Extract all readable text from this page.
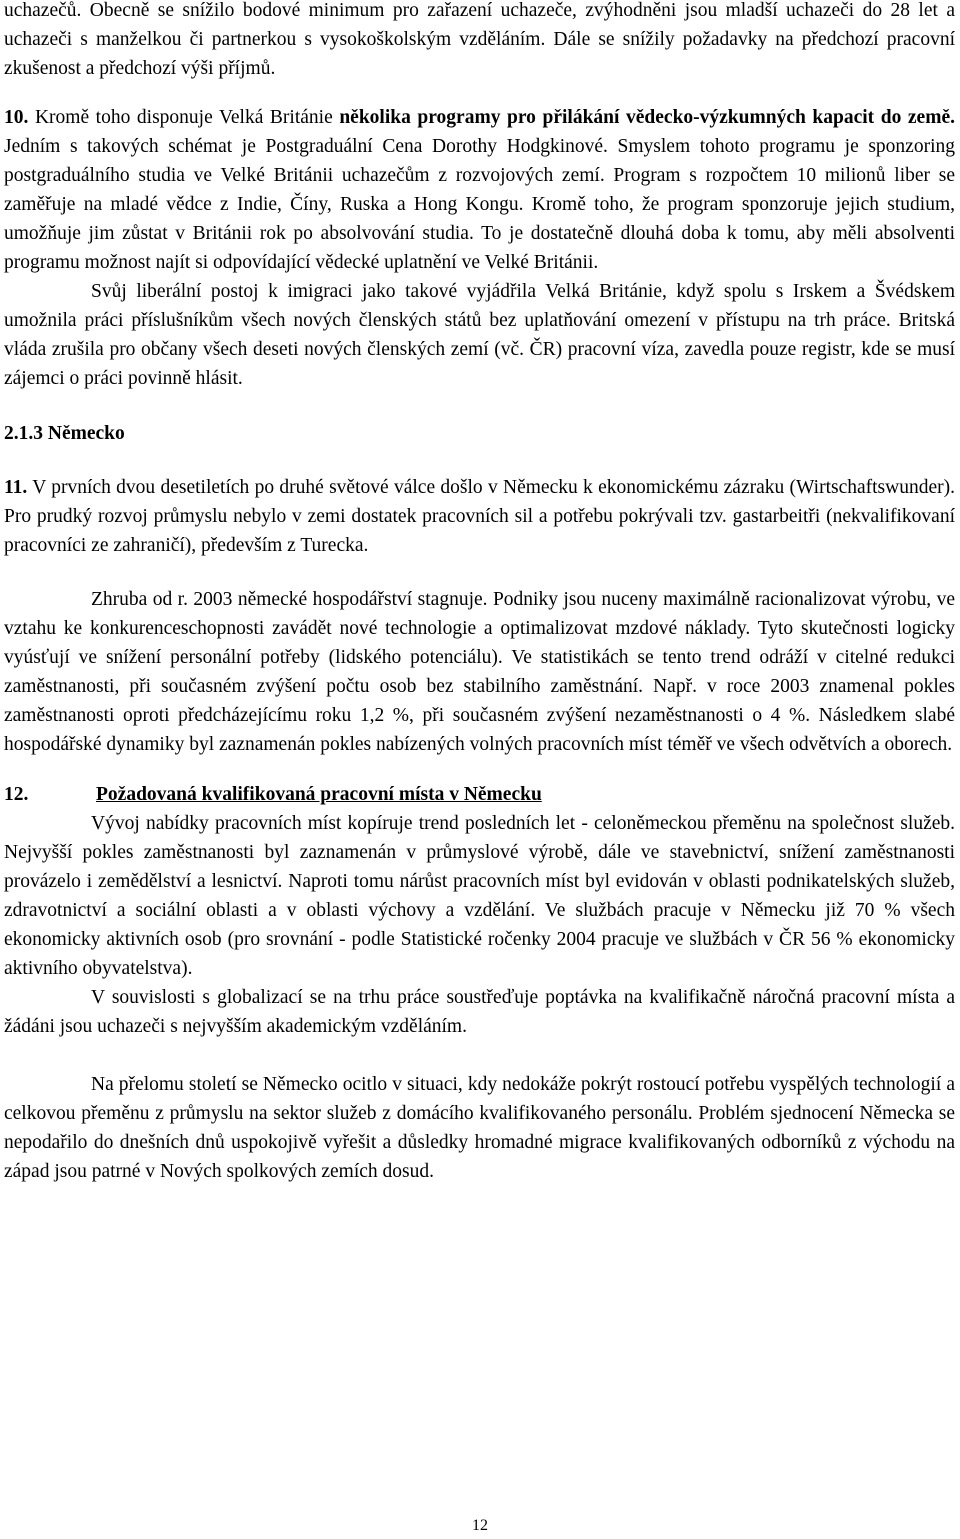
uchazečů. Obecně se snížilo bodové minimum pro zařazení uchazeče, zvýhodněni jsou mladší uchazeči do 28 let a uchazeči s manželkou či partnerkou s vysokoškolským vzděláním. Dále se snížily požadavky na předchozí pracovní zkušenost a předchozí výši příjmů.

10. Kromě toho disponuje Velká Británie několika programy pro přilákání vědecko-výzkumných kapacit do země. Jedním s takových schémat je Postgraduální Cena Dorothy Hodgkinové. Smyslem tohoto programu je sponzoring postgraduálního studia ve Velké Británii uchazečům z rozvojových zemí. Program s rozpočtem 10 milionů liber se zaměřuje na mladé vědce z Indie, Číny, Ruska a Hong Kongu. Kromě toho, že program sponzoruje jejich studium, umožňuje jim zůstat v Británii rok po absolvování studia. To je dostatečně dlouhá doba k tomu, aby měli absolventi programu možnost najít si odpovídající vědecké uplatnění ve Velké Británii.

Svůj liberální postoj k imigraci jako takové vyjádřila Velká Británie, když spolu s Irskem a Švédskem umožnila práci příslušníkům všech nových členských států bez uplatňování omezení v přístupu na trh práce. Britská vláda zrušila pro občany všech deseti nových členských zemí (vč. ČR) pracovní víza, zavedla pouze registr, kde se musí zájemci o práci povinně hlásit.

2.1.3 Německo

11. V prvních dvou desetiletích po druhé světové válce došlo v Německu k ekonomickému zázraku (Wirtschaftswunder). Pro prudký rozvoj průmyslu nebylo v zemi dostatek pracovních sil a potřebu pokrývali tzv. gastarbeitři (nekvalifikovaní pracovníci ze zahraničí), především z Turecka.

Zhruba od r. 2003 německé hospodářství stagnuje. Podniky jsou nuceny maximálně racionalizovat výrobu, ve vztahu ke konkurenceschopnosti zavádět nové technologie a optimalizovat mzdové náklady. Tyto skutečnosti logicky vyúsťují ve snížení personální potřeby (lidského potenciálu). Ve statistikách se tento trend odráží v citelné redukci zaměstnanosti, při současném zvýšení počtu osob bez stabilního zaměstnání. Např. v roce 2003 znamenal pokles zaměstnanosti oproti předcházejícímu roku 1,2 %, při současném zvýšení nezaměstnanosti o 4 %. Následkem slabé hospodářské dynamiky byl zaznamenán pokles nabízených volných pracovních míst téměř ve všech odvětvích a oborech.

12.	Požadovaná kvalifikovaná pracovní místa v Německu

Vývoj nabídky pracovních míst kopíruje trend posledních let - celoněmeckou přeměnu na společnost služeb. Nejvyšší pokles zaměstnanosti byl zaznamenán v průmyslové výrobě, dále ve stavebnictví, snížení zaměstnanosti provázelo i zemědělství a lesnictví. Naproti tomu nárůst pracovních míst byl evidován v oblasti podnikatelských služeb, zdravotnictví a sociální oblasti a v oblasti výchovy a vzdělání. Ve službách pracuje v Německu již 70 % všech ekonomicky aktivních osob (pro srovnání - podle Statistické ročenky 2004 pracuje ve službách v ČR 56 % ekonomicky aktivního obyvatelstva).

V souvislosti s globalizací se na trhu práce soustřeďuje poptávka na kvalifikačně náročná pracovní místa a žádáni jsou uchazeči s nejvyšším akademickým vzděláním.

Na přelomu století se Německo ocitlo v situaci, kdy nedokáže pokrýt rostoucí potřebu vyspělých technologií a celkovou přeměnu z průmyslu na sektor služeb z domácího kvalifikovaného personálu. Problém sjednocení Německa se nepodařilo do dnešních dnů uspokojivě vyřešit a důsledky hromadné migrace kvalifikovaných odborníků z východu na západ jsou patrné v Nových spolkových zemích dosud.

12
